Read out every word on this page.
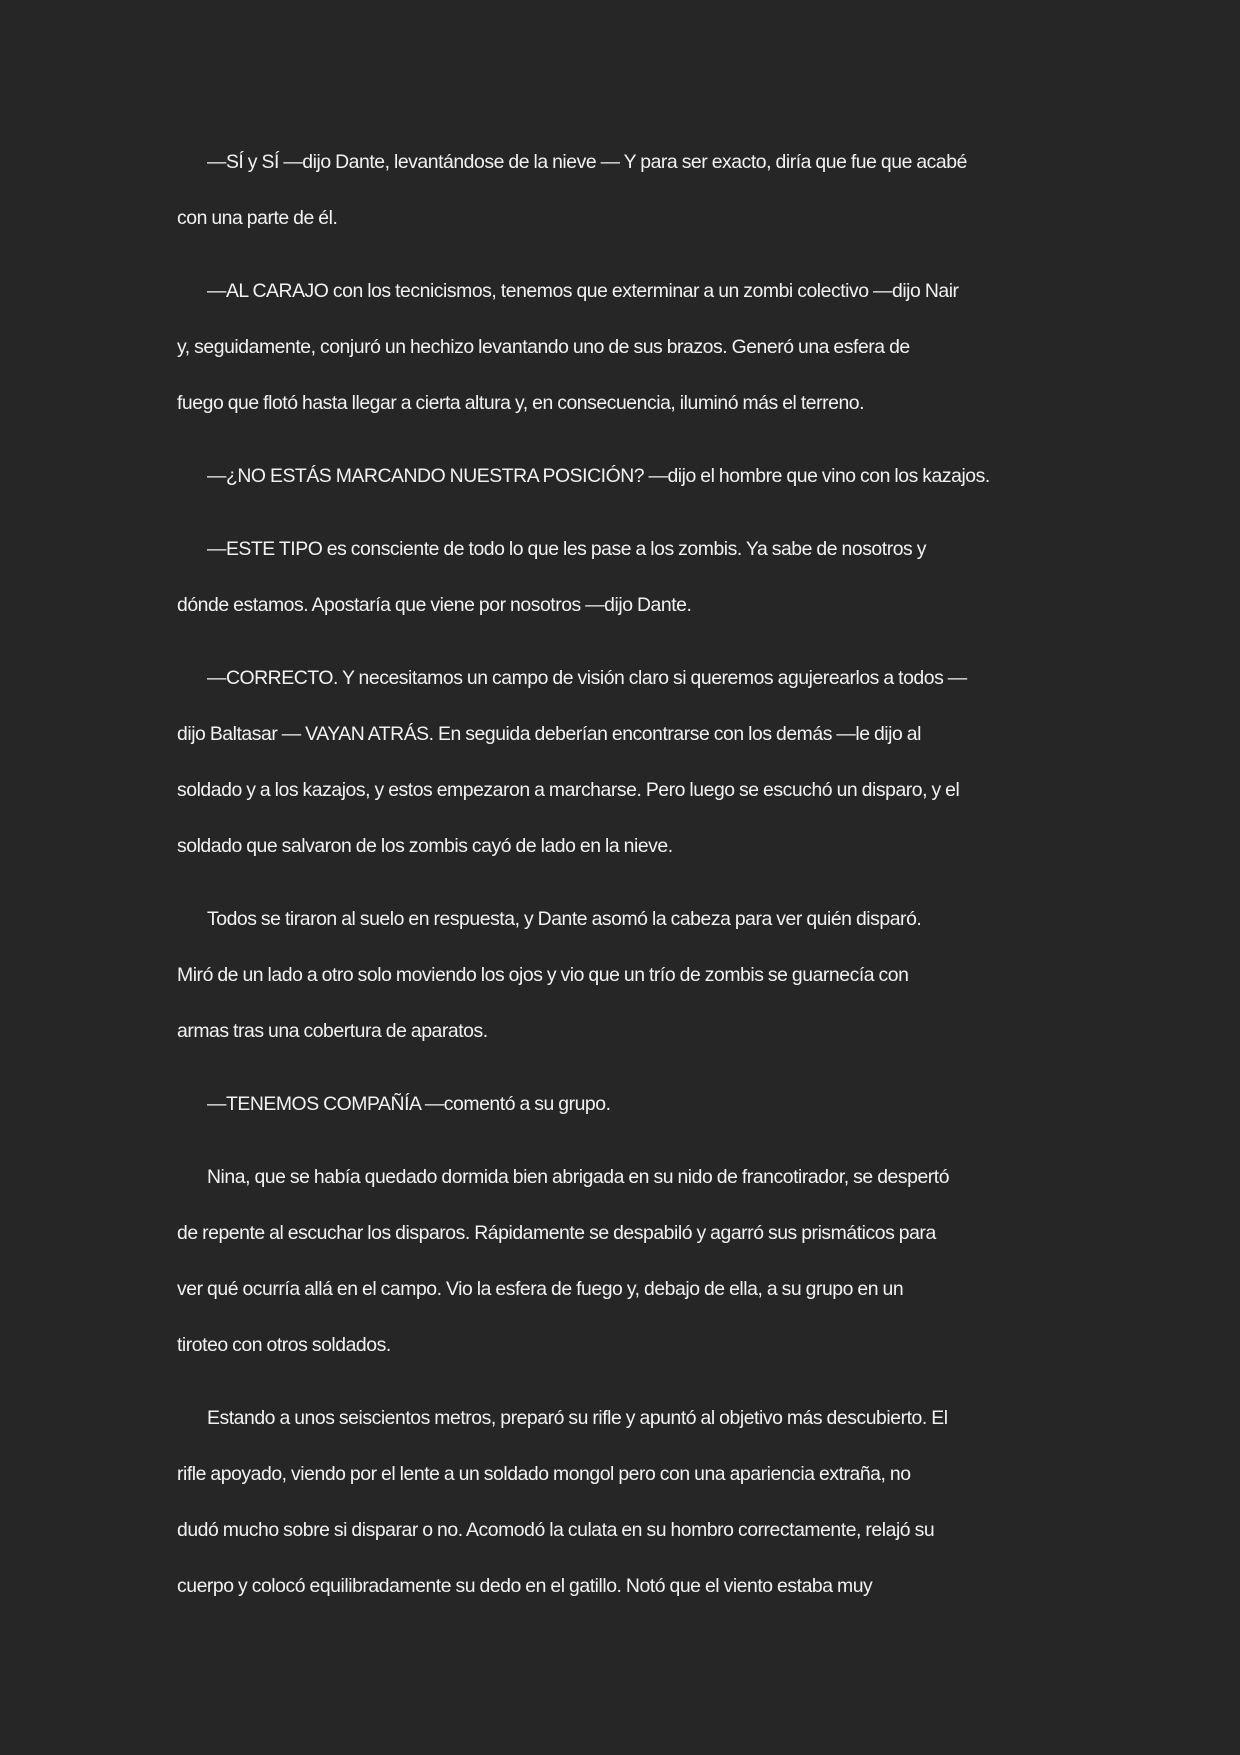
—SÍ y SÍ —dijo Dante, levantándose de la nieve — Y para ser exacto, diría que fue que acabé
con una parte de él.

—AL CARAJO con los tecnicismos, tenemos que exterminar a un zombi colectivo —dijo Nair
y, seguidamente, conjuró un hechizo levantando uno de sus brazos. Generó una esfera de
fuego que flotó hasta llegar a cierta altura y, en consecuencia, iluminó más el terreno.

—¿NO ESTÁS MARCANDO NUESTRA POSICIÓN? —dijo el hombre que vino con los kazajos.

—ESTE TIPO es consciente de todo lo que les pase a los zombis. Ya sabe de nosotros y
dónde estamos. Apostaría que viene por nosotros —dijo Dante.

—CORRECTO. Y necesitamos un campo de visión claro si queremos agujerearlos a todos —
dijo Baltasar — VAYAN ATRÁS. En seguida deberían encontrarse con los demás —le dijo al
soldado y a los kazajos, y estos empezaron a marcharse. Pero luego se escuchó un disparo, y el
soldado que salvaron de los zombis cayó de lado en la nieve.

Todos se tiraron al suelo en respuesta, y Dante asomó la cabeza para ver quién disparó.
Miró de un lado a otro solo moviendo los ojos y vio que un trío de zombis se guarnecía con
armas tras una cobertura de aparatos.

—TENEMOS COMPAÑÍA —comentó a su grupo.

Nina, que se había quedado dormida bien abrigada en su nido de francotirador, se despertó
de repente al escuchar los disparos. Rápidamente se despabiló y agarró sus prismáticos para
ver qué ocurría allá en el campo. Vio la esfera de fuego y, debajo de ella, a su grupo en un
tiroteo con otros soldados.

Estando a unos seiscientos metros, preparó su rifle y apuntó al objetivo más descubierto. El
rifle apoyado, viendo por el lente a un soldado mongol pero con una apariencia extraña, no
dudó mucho sobre si disparar o no. Acomodó la culata en su hombro correctamente, relajó su
cuerpo y colocó equilibradamente su dedo en el gatillo. Notó que el viento estaba muy
